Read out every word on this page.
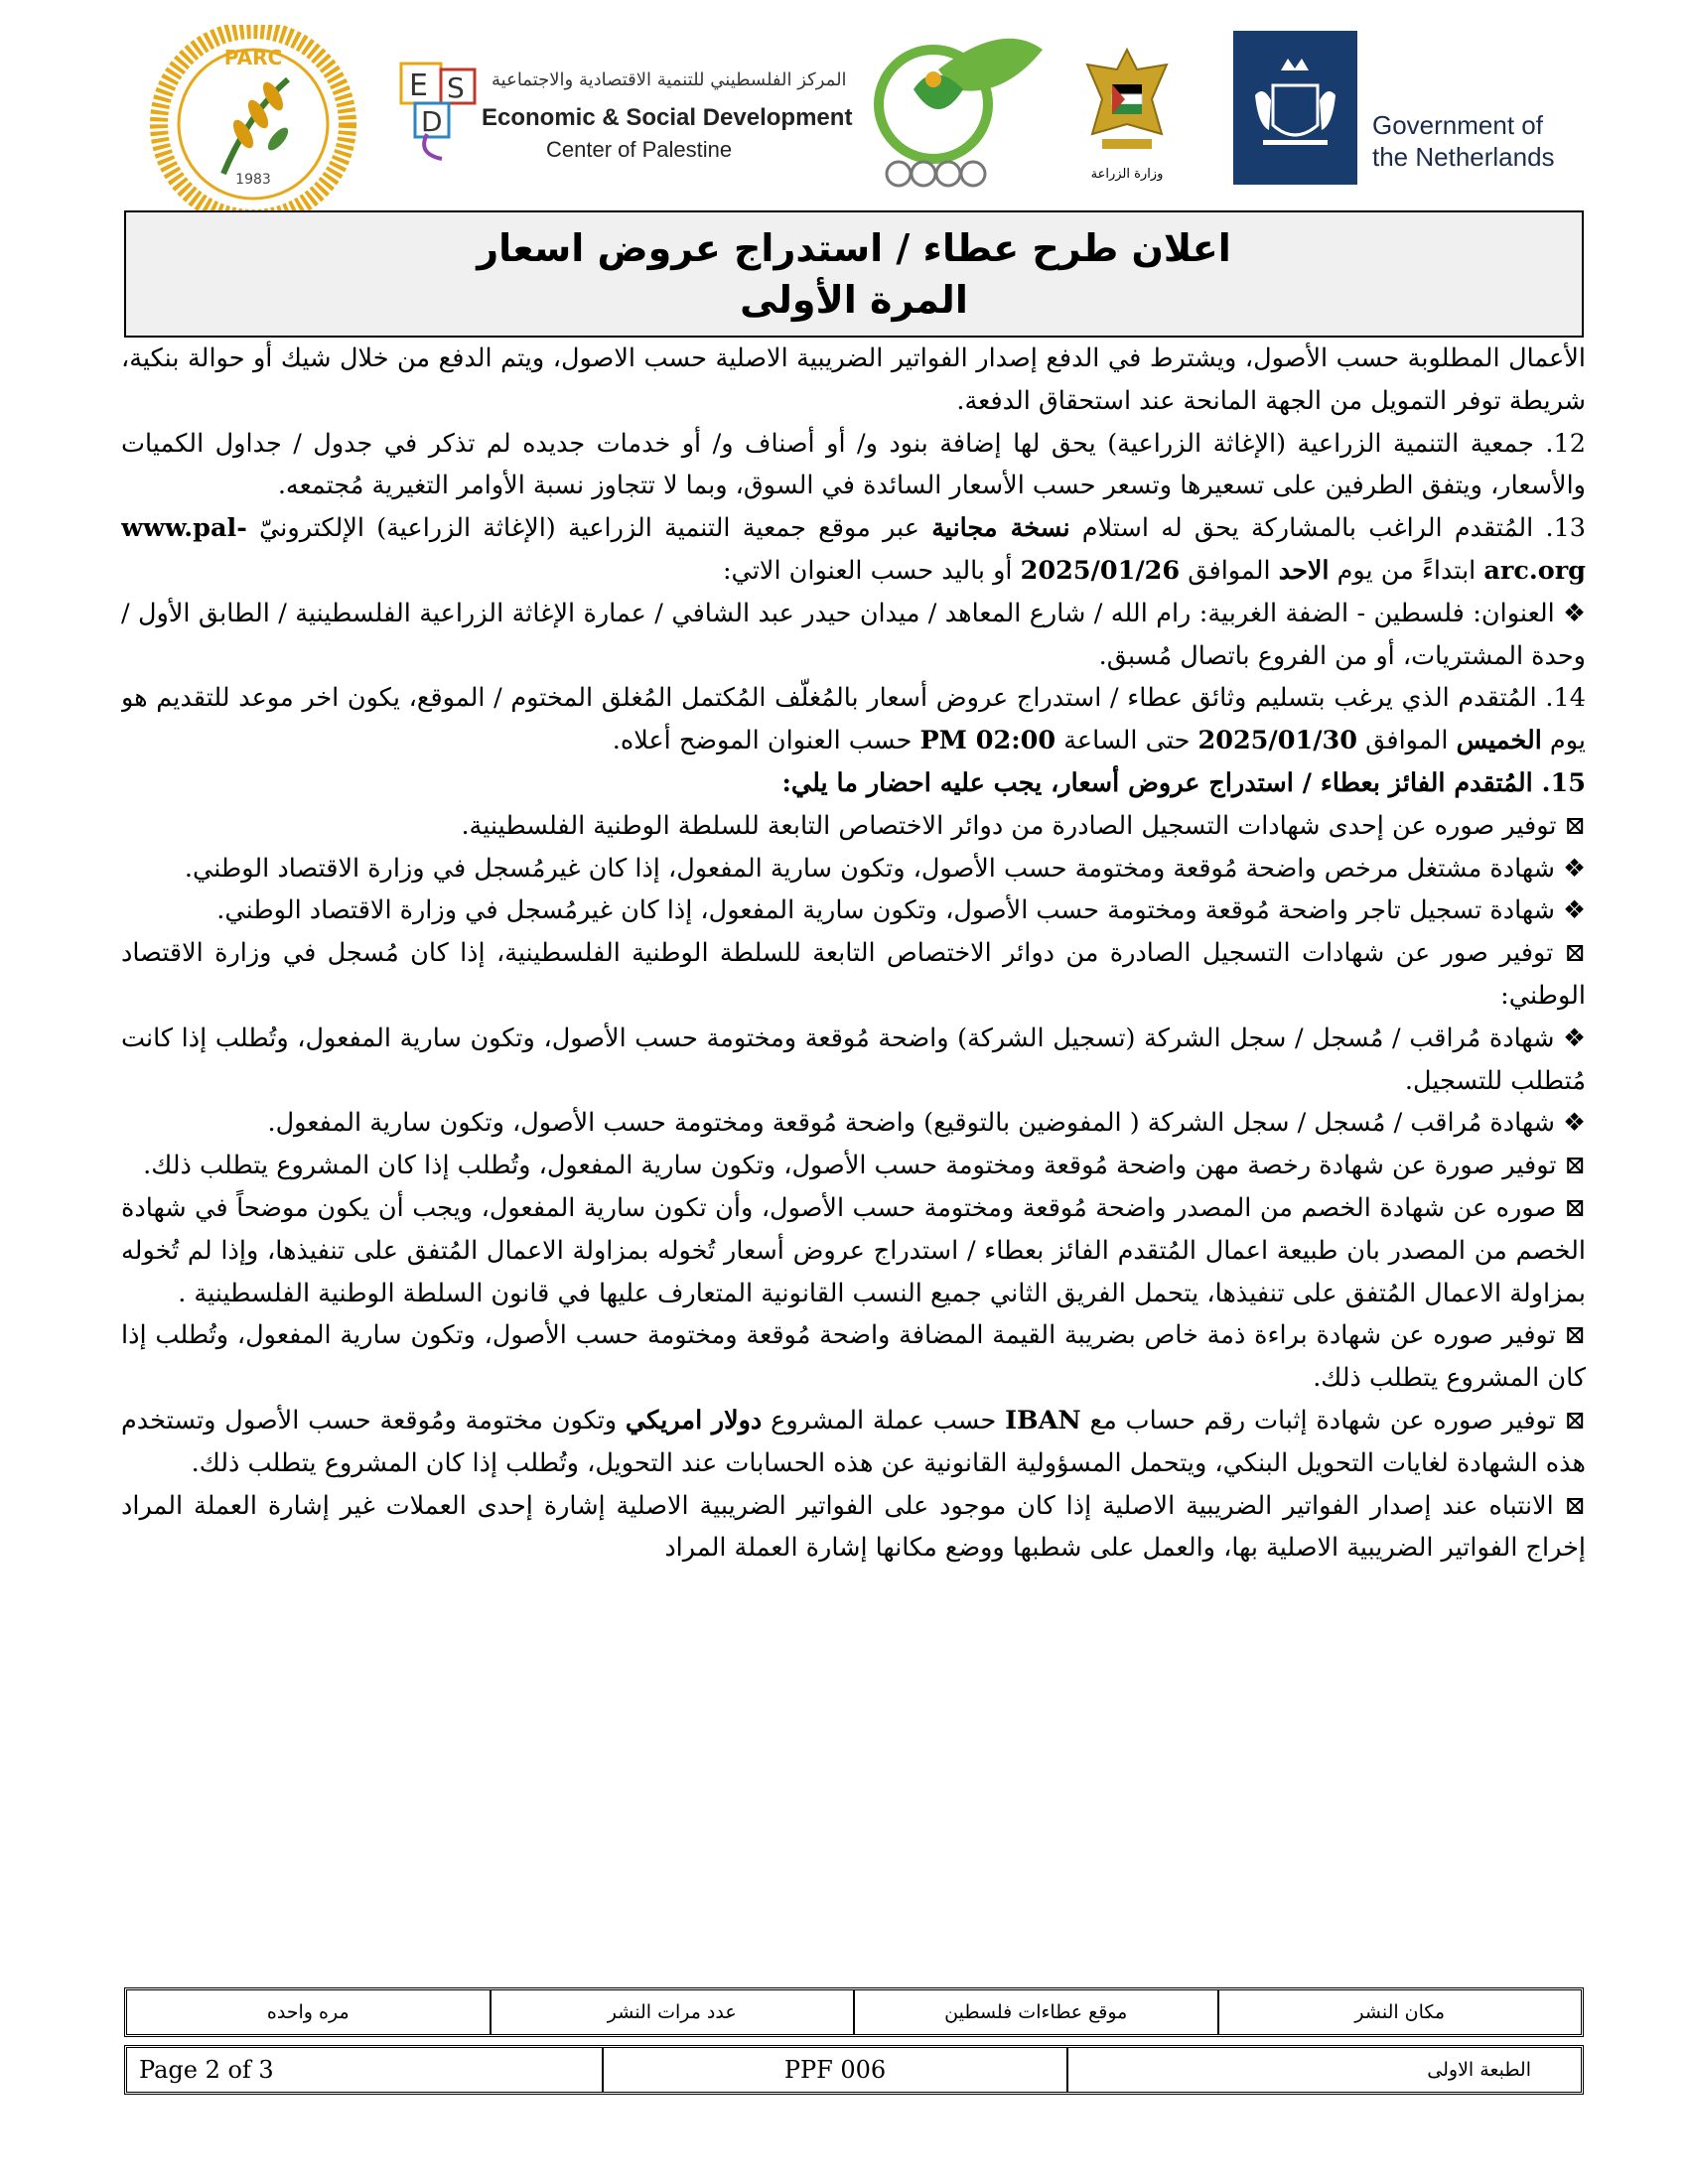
1983
PARC
E S
D
المركز الفلسطيني للتنمية الاقتصادية والاجتماعية
Economic & Social Development
Center of Palestine
وزارة الزراعة
Government of
the Netherlands
اعلان طرح عطاء / استدراج عروض اسعار
المرة الأولى

الأعمال المطلوبة حسب الأصول، ويشترط في الدفع إصدار الفواتير الضريبية الاصلية حسب الاصول، ويتم الدفع من خلال شيك أو حوالة بنكية، شريطة توفر التمويل من الجهة المانحة عند استحقاق الدفعة.

12. جمعية التنمية الزراعية (الإغاثة الزراعية) يحق لها إضافة بنود و/ أو أصناف و/ أو خدمات جديده لم تذكر في جدول / جداول الكميات والأسعار، ويتفق الطرفين على تسعيرها وتسعر حسب الأسعار السائدة في السوق، وبما لا تتجاوز نسبة الأوامر التغيرية مُجتمعه.

13. المُتقدم الراغب بالمشاركة يحق له استلام نسخة مجانية عبر موقع جمعية التنمية الزراعية (الإغاثة الزراعية) الإلكترونيّ www.pal-arc.org ابتداءً من يوم الاحد الموافق 2025/01/26 أو باليد حسب العنوان الاتي:

❖ العنوان: فلسطين - الضفة الغربية: رام الله / شارع المعاهد / ميدان حيدر عبد الشافي / عمارة الإغاثة الزراعية الفلسطينية / الطابق الأول / وحدة المشتريات، أو من الفروع باتصال مُسبق.

14. المُتقدم الذي يرغب بتسليم وثائق عطاء / استدراج عروض أسعار بالمُغلّف المُكتمل المُغلق المختوم / الموقع، يكون اخر موعد للتقديم هو يوم الخميس الموافق 2025/01/30 حتى الساعة 02:00 PM حسب العنوان الموضح أعلاه.

15. المُتقدم الفائز بعطاء / استدراج عروض أسعار، يجب عليه احضار ما يلي:

⊠ توفير صوره عن إحدى شهادات التسجيل الصادرة من دوائر الاختصاص التابعة للسلطة الوطنية الفلسطينية.

❖ شهادة مشتغل مرخص واضحة مُوقعة ومختومة حسب الأصول، وتكون سارية المفعول، إذا كان غيرمُسجل في وزارة الاقتصاد الوطني.

❖ شهادة تسجيل تاجر واضحة مُوقعة ومختومة حسب الأصول، وتكون سارية المفعول، إذا كان غيرمُسجل في وزارة الاقتصاد الوطني.

⊠ توفير صور عن شهادات التسجيل الصادرة من دوائر الاختصاص التابعة للسلطة الوطنية الفلسطينية، إذا كان مُسجل في وزارة الاقتصاد الوطني:

❖ شهادة مُراقب / مُسجل / سجل الشركة (تسجيل الشركة) واضحة مُوقعة ومختومة حسب الأصول، وتكون سارية المفعول، وتُطلب إذا كانت مُتطلب للتسجيل.

❖ شهادة مُراقب / مُسجل / سجل الشركة ( المفوضين بالتوقيع) واضحة مُوقعة ومختومة حسب الأصول، وتكون سارية المفعول.

⊠ توفير صورة عن شهادة رخصة مهن واضحة مُوقعة ومختومة حسب الأصول، وتكون سارية المفعول، وتُطلب إذا كان المشروع يتطلب ذلك.

⊠ صوره عن شهادة الخصم من المصدر واضحة مُوقعة ومختومة حسب الأصول، وأن تكون سارية المفعول، ويجب أن يكون موضحاً في شهادة الخصم من المصدر بان طبيعة اعمال المُتقدم الفائز بعطاء / استدراج عروض أسعار تُخوله بمزاولة الاعمال المُتفق على تنفيذها، وإذا لم تُخوله بمزاولة الاعمال المُتفق على تنفيذها، يتحمل الفريق الثاني جميع النسب القانونية المتعارف عليها في قانون السلطة الوطنية الفلسطينية .

⊠ توفير صوره عن شهادة براءة ذمة خاص بضريبة القيمة المضافة واضحة مُوقعة ومختومة حسب الأصول، وتكون سارية المفعول، وتُطلب إذا كان المشروع يتطلب ذلك.

⊠ توفير صوره عن شهادة إثبات رقم حساب مع IBAN حسب عملة المشروع دولار امريكي وتكون مختومة ومُوقعة حسب الأصول وتستخدم هذه الشهادة لغايات التحويل البنكي، ويتحمل المسؤولية القانونية عن هذه الحسابات عند التحويل، وتُطلب إذا كان المشروع يتطلب ذلك.

⊠ الانتباه عند إصدار الفواتير الضريبية الاصلية إذا كان موجود على الفواتير الضريبية الاصلية إشارة إحدى العملات غير إشارة العملة المراد إخراج الفواتير الضريبية الاصلية بها، والعمل على شطبها ووضع مكانها إشارة العملة المراد

مكان النشر
موقع عطاءات فلسطين
عدد مرات النشر
مره واحده
الطبعة الاولى
PPF 006
Page 2 of 3
